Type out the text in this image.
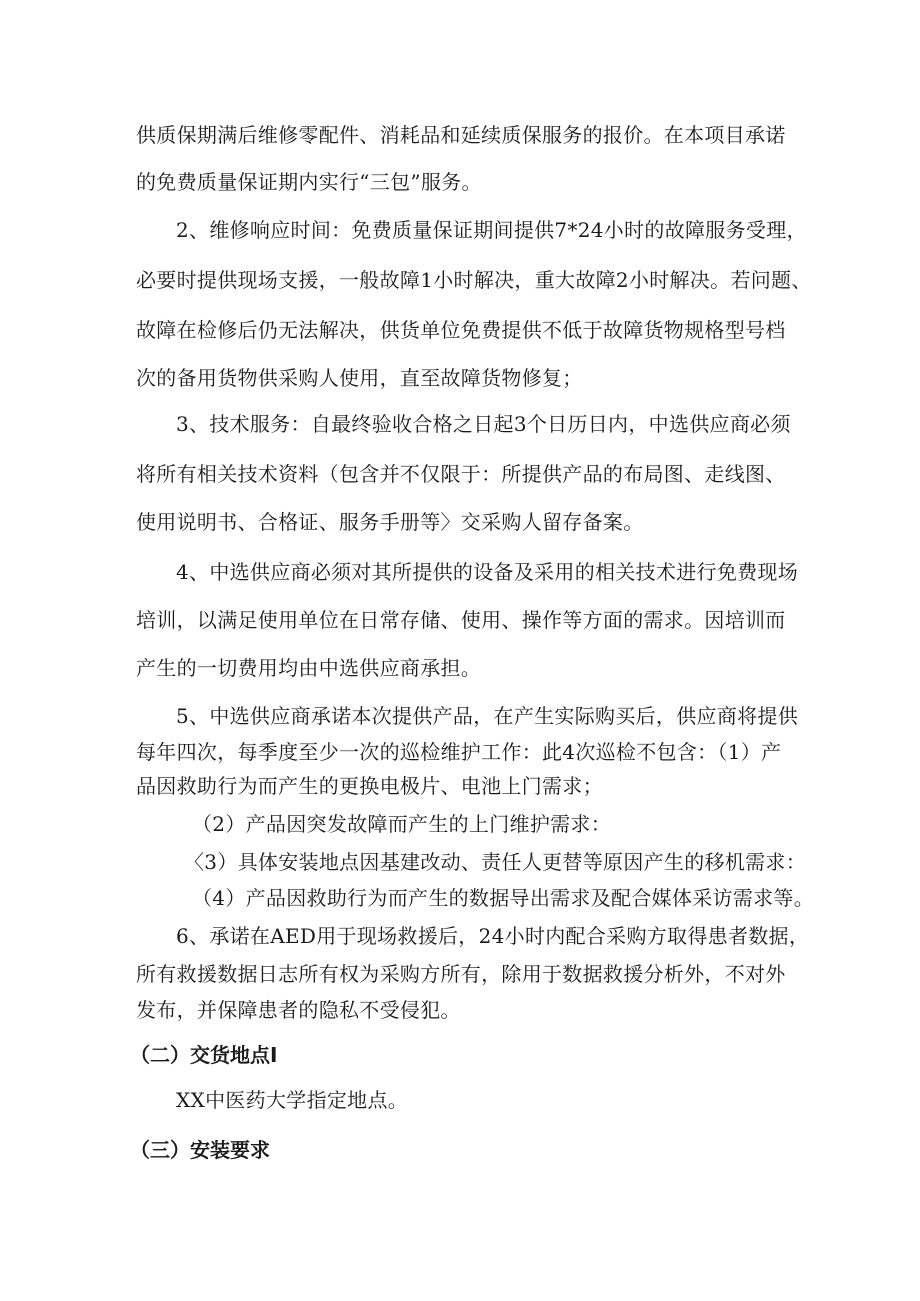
供质保期满后维修零配件、消耗品和延续质保服务的报价。在本项目承诺
的免费质量保证期内实行“三包”服务。
2、维修响应时间：免费质量保证期间提供7*24小时的故障服务受理，
必要时提供现场支援，一般故障1小时解决，重大故障2小时解决。若问题、
故障在检修后仍无法解决，供货单位免费提供不低于故障货物规格型号档
次的备用货物供采购人使用，直至故障货物修复；
3、技术服务：自最终验收合格之日起3个日历日内，中选供应商必须
将所有相关技术资料（包含并不仅限于：所提供产品的布局图、走线图、
使用说明书、合格证、服务手册等〉交采购人留存备案。
4、中选供应商必须对其所提供的设备及采用的相关技术进行免费现场
培训，以满足使用单位在日常存储、使用、操作等方面的需求。因培训而
产生的一切费用均由中选供应商承担。
5、中选供应商承诺本次提供产品，在产生实际购买后，供应商将提供
每年四次，每季度至少一次的巡检维护工作：此4次巡检不包含：（1）产
品因救助行为而产生的更换电极片、电池上门需求；
（2）产品因突发故障而产生的上门维护需求：
〈3）具体安装地点因基建改动、责任人更替等原因产生的移机需求：
（4）产品因救助行为而产生的数据导出需求及配合媒体采访需求等。
6、承诺在AED用于现场救援后，24小时内配合采购方取得患者数据，
所有救援数据日志所有权为采购方所有，除用于数据救援分析外，不对外
发布，并保障患者的隐私不受侵犯。
（二）交货地点I
XX中医药大学指定地点。
（三）安装要求
